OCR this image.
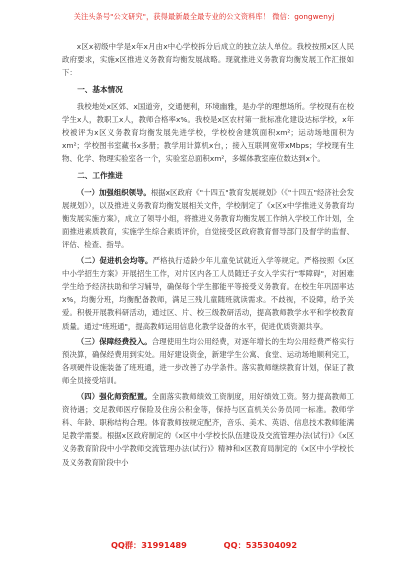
关注头条号"公文研究"，获得最新最全最专业的公文资料库！ 微信：gongwenyj

x区x初级中学是x年x月由x中心学校拆分后成立的独立法人单位。我校按照x区人民政府要求，实施x区推进义务教育均衡发展战略。现就推进义务教育均衡发展工作汇报如下：

一、基本情况

我校地处x区郊、x国道旁，交通便利，环境幽雅，是办学的理想场所。学校现有在校学生x人，教职工x人，教师合格率x%。我校是x区农村第一批标准化建设达标学校，x年校被评为x区义务教育均衡发展先进学校，学校校舍建筑面积xm²；运动场地面积为xm²；学校图书室藏书x多册；教学用计算机x台，；接入互联网宽带xMbps；学校现有生物、化学、物理实验室各一个，实验室总面积xm²，多媒体教室座位数达到x个。

二、工作推进

（一）加强组织领导。根据x区政府《"十四五"教育发展规划》（《"十四五"经济社会发展规划》），以及推进义务教育均衡发展相关文件，学校制定了《x区x中学推进义务教育均衡发展实施方案》，成立了领导小组，将推进义务教育均衡发展工作纳入学校工作计划，全面推进素质教育，实施学生综合素质评价，自觉接受区政府教育督导部门及督学的监督、评估、检查、指导。

（二）促进机会均等。严格执行适龄少年儿童免试就近入学等规定。严格按照《x区中小学招生方案》开展招生工作，对片区内各工人员随迁子女入学实行"零障碍"，对困难学生给予经济扶助和学习辅导，确保每个学生都能平等接受义务教育。在校生年巩固率达x%，均衡分班，均衡配备教师，满足三残儿童随班就读需求。不歧视，不设障，给予关爱。积极开展教科研活动，通过区、片、校三级教研活动，提高教师教学水平和学校教育质量。通过"班班通"，提高教师运用信息化教学设备的水平，促进优质资源共享。

（三）保障经费投入。合理使用生均公用经费，对逐年增长的生均公用经费严格实行预决算，确保经费用到实处。用好建设资金，新建学生公寓、食堂、运动场地顺利完工，各项硬件设施装备了班班通，进一步改善了办学条件。落实教师继续教育计划，保证了教师全员接受培训。

（四）强化师资配置。全面落实教师绩效工资制度，用好绩效工资。努力提高教师工资待遇；交足教师医疗保险及住房公积金等，保持与区直机关公务员同一标准。教师学科、年龄、职称结构合理。体育教师按规定配齐，音乐、美术、英语、信息技术教师能满足教学需要。根据x区政府制定的《x区中小学校长队伍建设及交流管理办法(试行)》《x区义务教育阶段中小学教师交流管理办法(试行)》精神和x区教育局制定的《x区中小学校长及义务教育阶段中小

QQ群：31991489	QQ：535304092
